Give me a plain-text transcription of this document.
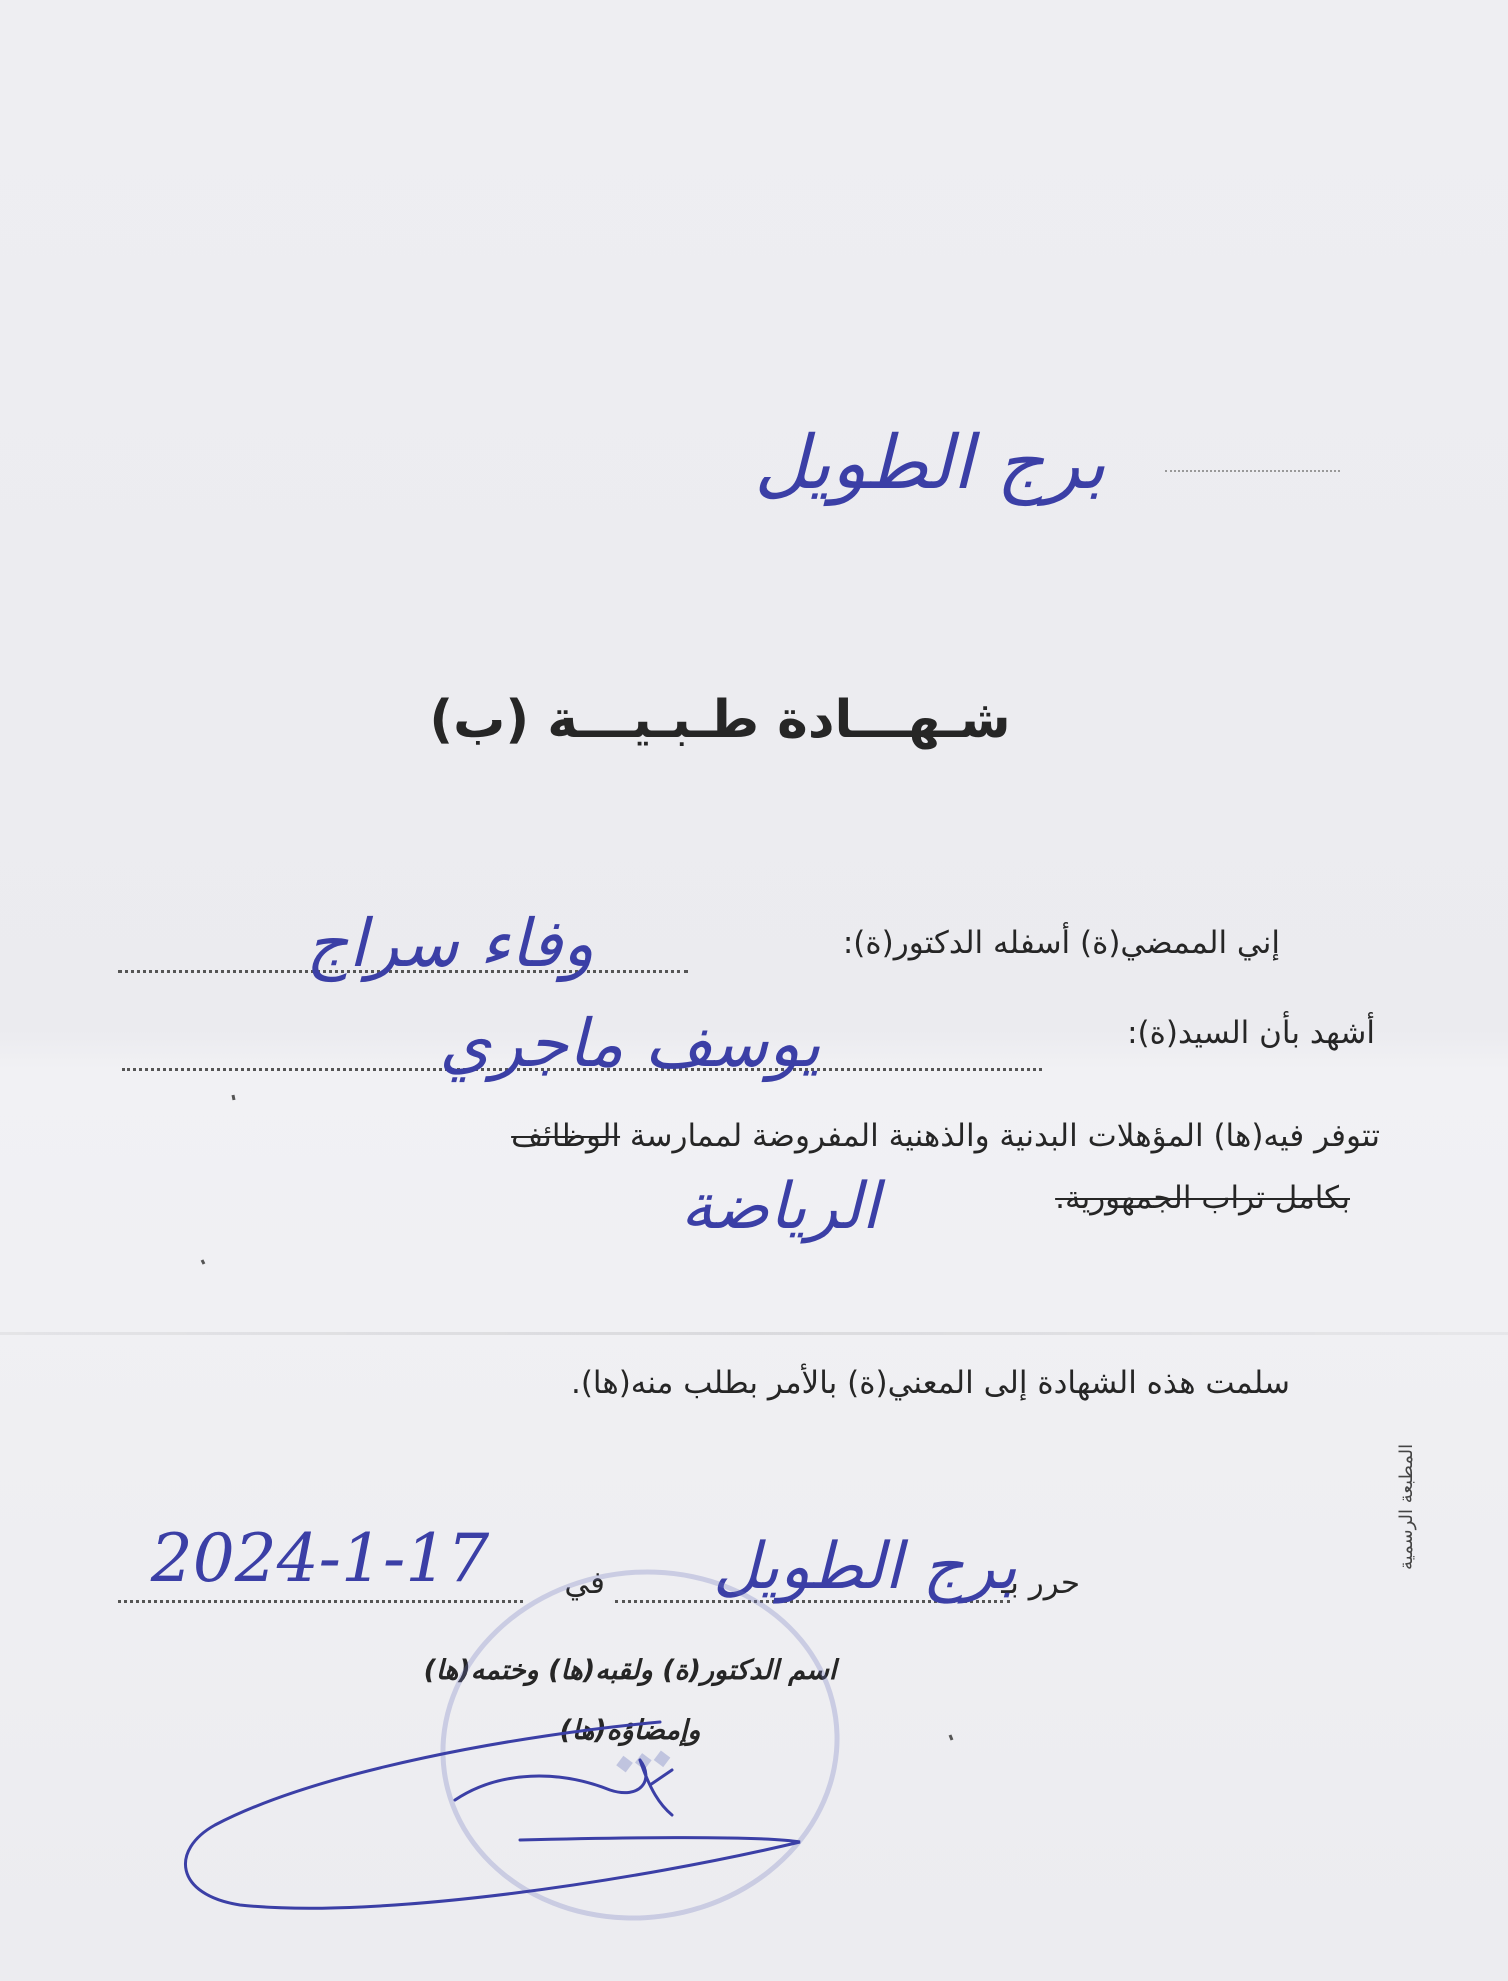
برج الطويل
شـهـــادة طـبـيـــة (ب)
إني الممضي(ة) أسفله الدكتور(ة):
وفاء سراج
أشهد بأن السيد(ة):
يوسف ماجري
تتوفر فيه(ها) المؤهلات البدنية والذهنية المفروضة لممارسة الوظائف
بكامل تراب الجمهورية.
الرياضة
سلمت هذه الشهادة إلى المعني(ة) بالأمر بطلب منه(ها).
حرر بـ
برج الطويل
في
2024-1-17
اسم الدكتور(ة) ولقبه(ها) وختمه(ها)
وإمضاؤه(ها)
المطبعة الرسمية
◆◆◆
